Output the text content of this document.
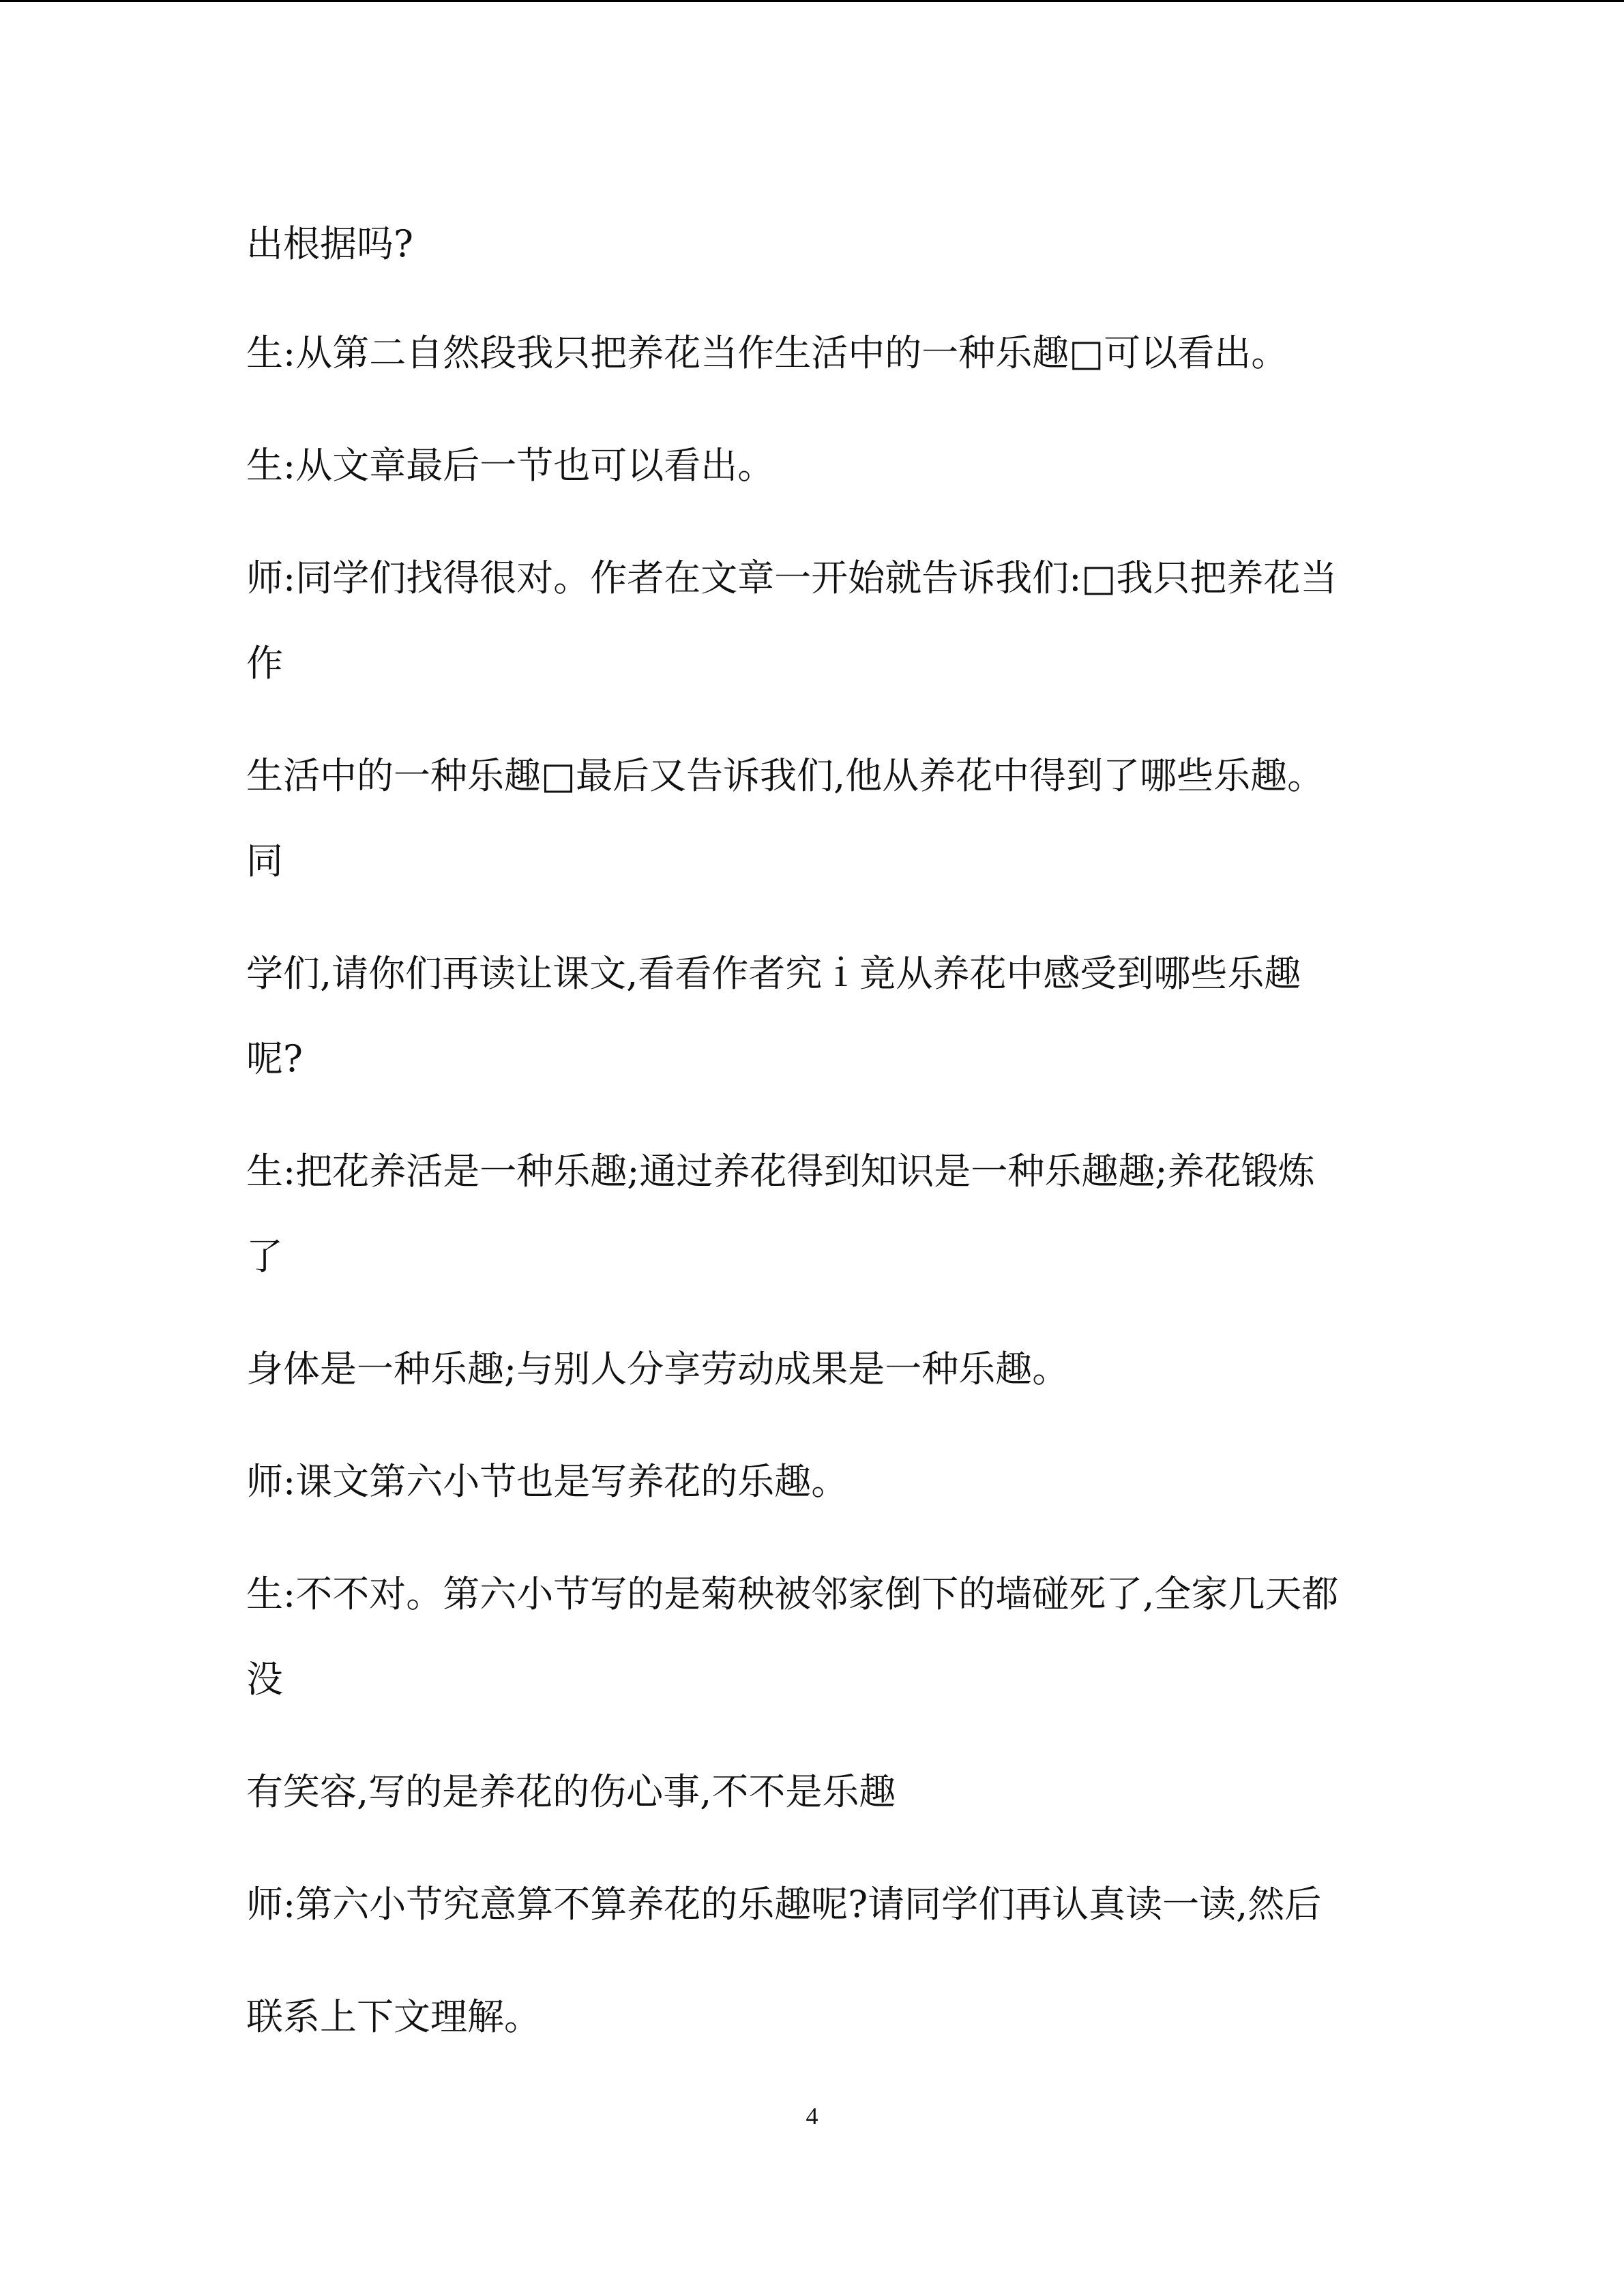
出根据吗?

生:从第二自然段我只把养花当作生活中的一种乐趣□可以看出。

生:从文章最后一节也可以看出。

师:同学们找得很对。作者在文章一开始就告诉我们:□我只把养花当

作

生活中的一种乐趣□最后又告诉我们,他从养花中得到了哪些乐趣。

同

学们,请你们再读让课文,看看作者究ｉ竟从养花中感受到哪些乐趣

呢?

生:把花养活是一种乐趣;通过养花得到知识是一种乐趣趣;养花锻炼

了

身体是一种乐趣;与别人分享劳动成果是一种乐趣。

师:课文第六小节也是写养花的乐趣。

生:不不对。第六小节写的是菊秧被邻家倒下的墙碰死了,全家几天都

没

有笑容,写的是养花的伤心事,不不是乐趣

师:第六小节究意算不算养花的乐趣呢?请同学们再认真读一读,然后

联系上下文理解。

4
